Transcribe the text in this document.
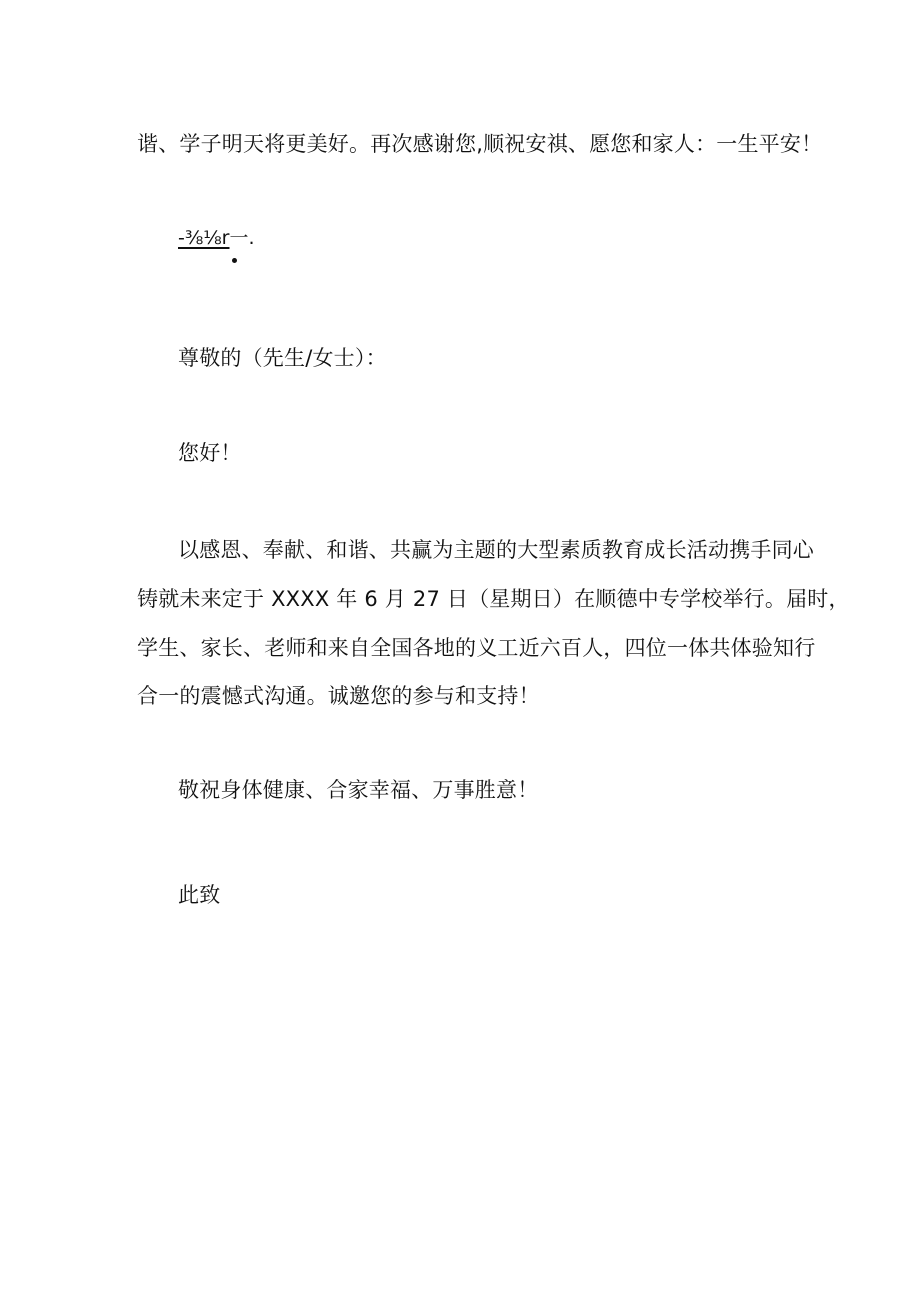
谐、学子明天将更美好。再次感谢您,顺祝安祺、愿您和家人：一生平安！
-⅜⅛r一.
尊敬的（先生/女士）：
您好！
以感恩、奉献、和谐、共赢为主题的大型素质教育成长活动携手同心
铸就未来定于 XXXX 年 6 月 27 日（星期日）在顺德中专学校举行。届时，
学生、家长、老师和来自全国各地的义工近六百人，四位一体共体验知行
合一的震憾式沟通。诚邀您的参与和支持！
敬祝身体健康、合家幸福、万事胜意！
此致
